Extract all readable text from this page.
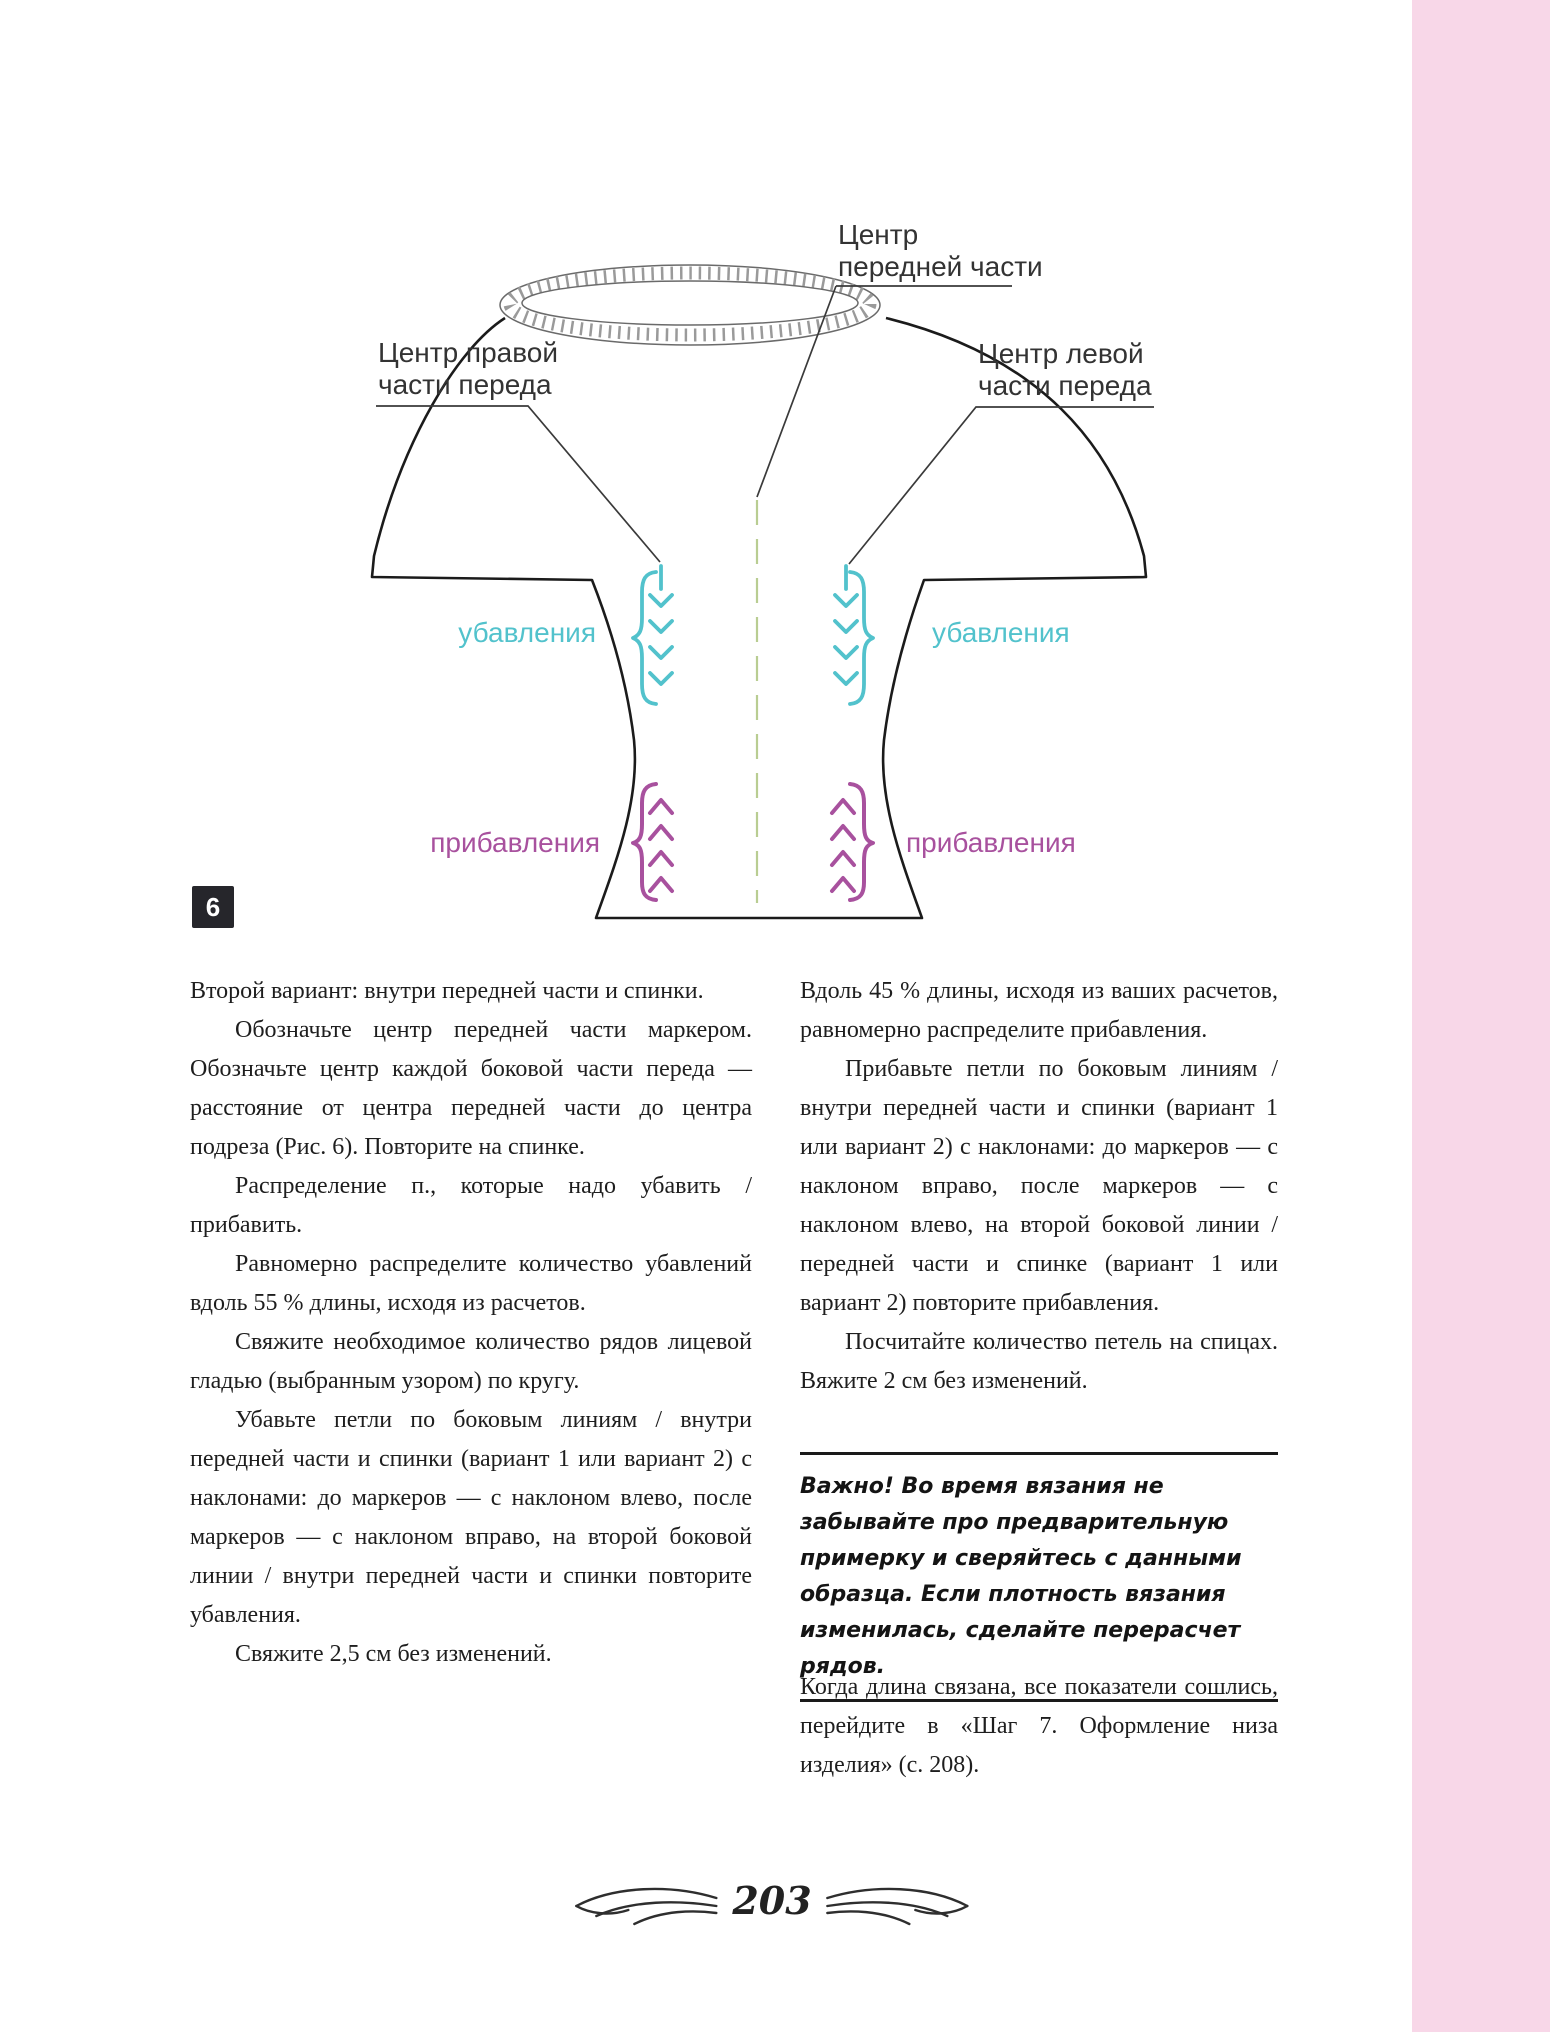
Центр
передней части
Центр правой
части переда
Центр левой
части переда
убавления	убавления
прибавления	прибавления
6

Второй вариант: внутри передней части и спинки.

Обозначьте центр передней части маркером. Обозначьте центр каждой боковой части переда — расстояние от центра передней части до центра подреза (Рис. 6). Повторите на спинке.

Распределение п., которые надо убавить / прибавить.

Равномерно распределите количество убавлений вдоль 55 % длины, исходя из расчетов.

Свяжите необходимое количество рядов лицевой гладью (выбранным узором) по кругу.

Убавьте петли по боковым линиям / внутри передней части и спинки (вариант 1 или вариант 2) с наклонами: до маркеров — с наклоном влево, после маркеров — с наклоном вправо, на второй боковой линии / внутри передней части и спинки повторите убавления.

Свяжите 2,5 см без изменений.

Вдоль 45 % длины, исходя из ваших расчетов, равномерно распределите прибавления.

Прибавьте петли по боковым линиям / внутри передней части и спинки (вариант 1 или вариант 2) с наклонами: до маркеров — с наклоном вправо, после маркеров — с наклоном влево, на второй боковой линии / передней части и спинке (вариант 1 или вариант 2) повторите прибавления.

Посчитайте количество петель на спицах. Вяжите 2 см без изменений.

Важно! Во время вязания не забывайте про предварительную примерку и сверяйтесь с данными образца. Если плотность вязания изменилась, сделайте перерасчет рядов.

Когда длина связана, все показатели сошлись, перейдите в «Шаг 7. Оформление низа изделия» (с. 208).

203
